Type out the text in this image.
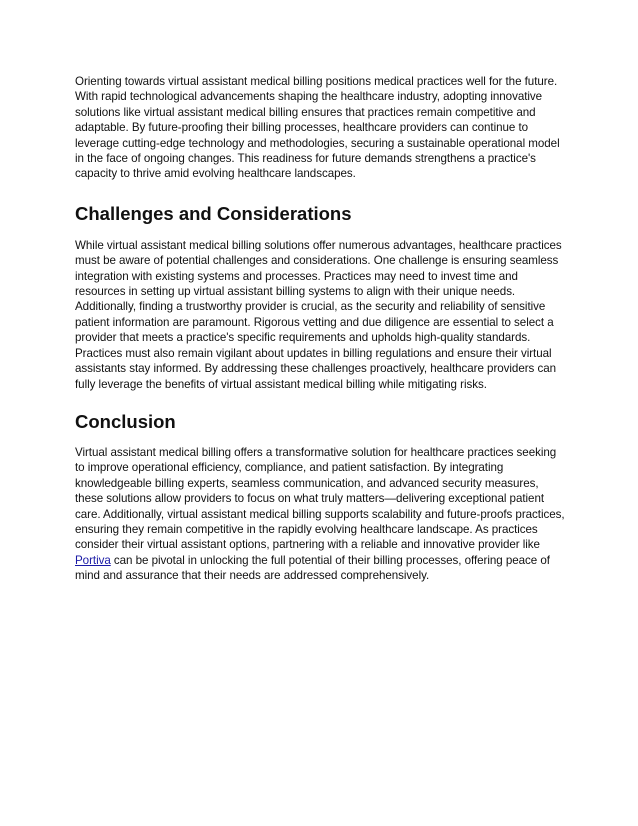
Orienting towards virtual assistant medical billing positions medical practices well for the future. With rapid technological advancements shaping the healthcare industry, adopting innovative solutions like virtual assistant medical billing ensures that practices remain competitive and adaptable. By future-proofing their billing processes, healthcare providers can continue to leverage cutting-edge technology and methodologies, securing a sustainable operational model in the face of ongoing changes. This readiness for future demands strengthens a practice's capacity to thrive amid evolving healthcare landscapes.

Challenges and Considerations

While virtual assistant medical billing solutions offer numerous advantages, healthcare practices must be aware of potential challenges and considerations. One challenge is ensuring seamless integration with existing systems and processes. Practices may need to invest time and resources in setting up virtual assistant billing systems to align with their unique needs. Additionally, finding a trustworthy provider is crucial, as the security and reliability of sensitive patient information are paramount. Rigorous vetting and due diligence are essential to select a provider that meets a practice's specific requirements and upholds high-quality standards. Practices must also remain vigilant about updates in billing regulations and ensure their virtual assistants stay informed. By addressing these challenges proactively, healthcare providers can fully leverage the benefits of virtual assistant medical billing while mitigating risks.

Conclusion

Virtual assistant medical billing offers a transformative solution for healthcare practices seeking to improve operational efficiency, compliance, and patient satisfaction. By integrating knowledgeable billing experts, seamless communication, and advanced security measures, these solutions allow providers to focus on what truly matters—delivering exceptional patient care. Additionally, virtual assistant medical billing supports scalability and future-proofs practices, ensuring they remain competitive in the rapidly evolving healthcare landscape. As practices consider their virtual assistant options, partnering with a reliable and innovative provider like Portiva can be pivotal in unlocking the full potential of their billing processes, offering peace of mind and assurance that their needs are addressed comprehensively.
